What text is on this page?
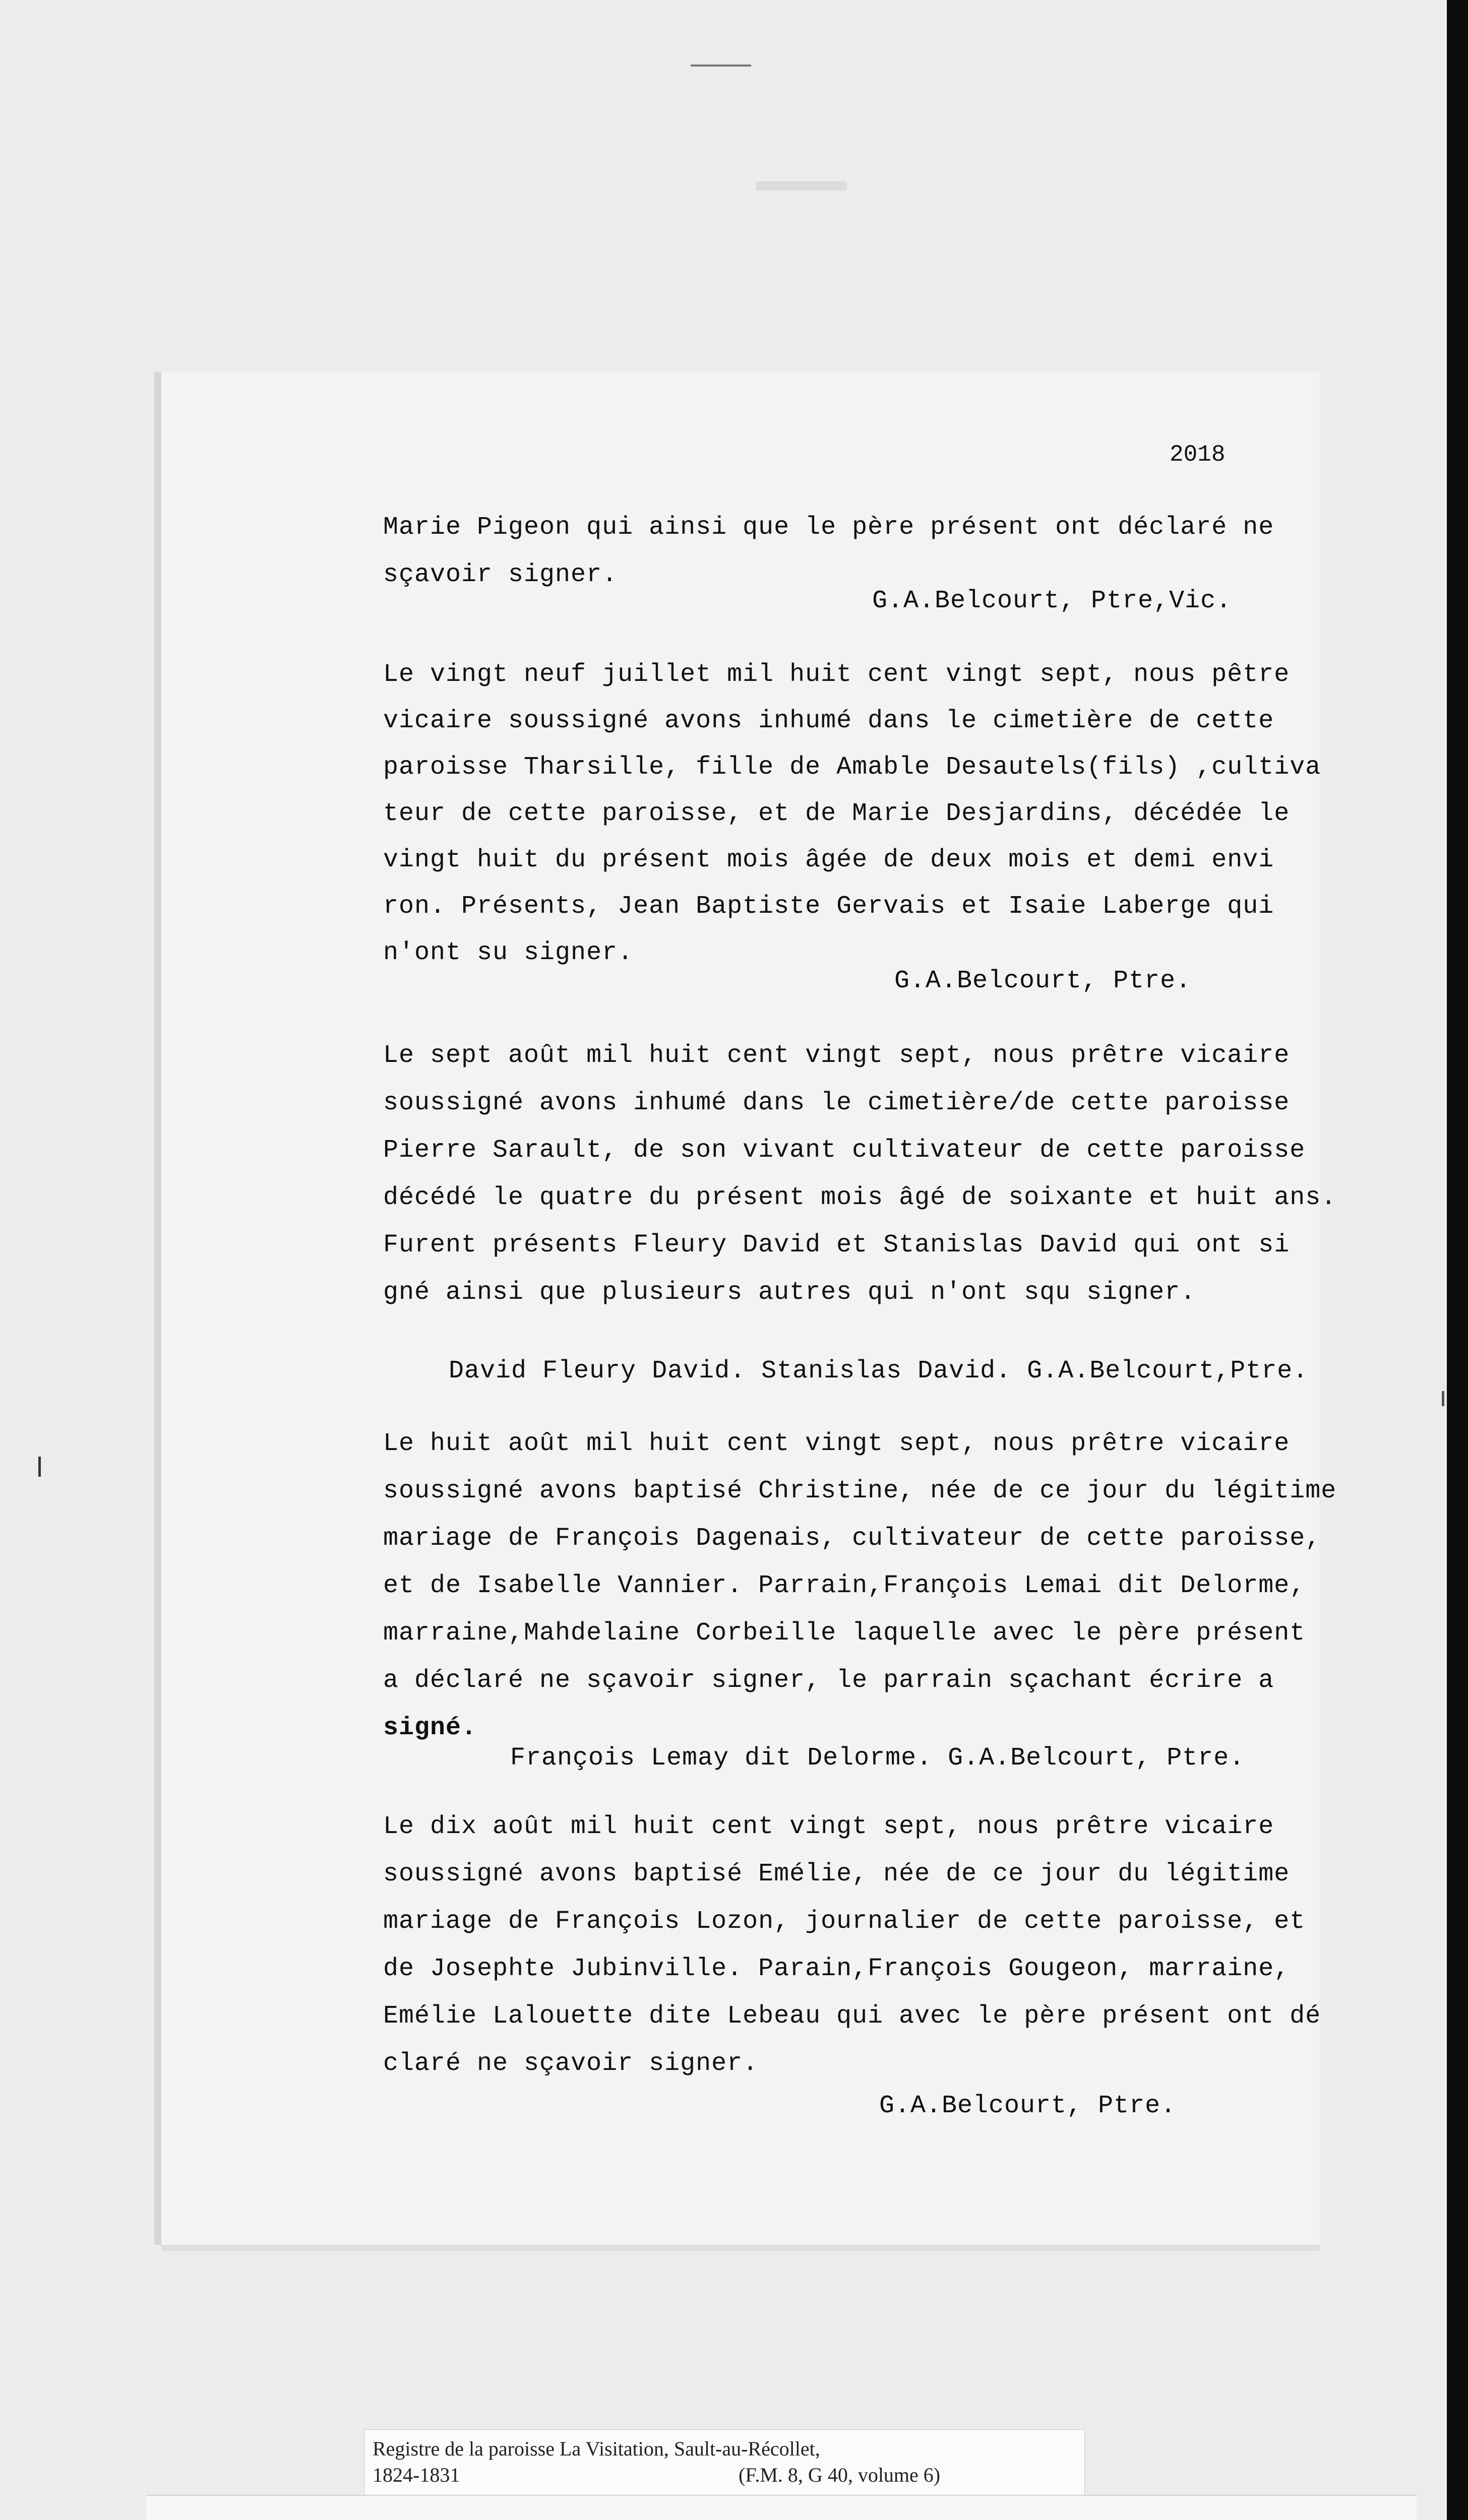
2018
Marie Pigeon qui ainsi que le père présent ont déclaré ne
sçavoir signer.
G.A.Belcourt, Ptre,Vic.
Le vingt neuf juillet mil huit cent vingt sept, nous pêtre
vicaire soussigné avons inhumé dans le cimetière de cette
paroisse Tharsille, fille de Amable Desautels(fils) ,cultiva
teur de cette paroisse, et de Marie Desjardins, décédée le
vingt huit du présent mois âgée de deux mois et demi envi
ron. Présents, Jean Baptiste Gervais et Isaie Laberge qui
n'ont su signer.
G.A.Belcourt, Ptre.
Le sept août mil huit cent vingt sept, nous prêtre vicaire
soussigné avons inhumé dans le cimetière/de cette paroisse
Pierre Sarault, de son vivant cultivateur de cette paroisse
décédé le quatre du présent mois âgé de soixante et huit ans.
Furent présents Fleury David et Stanislas David qui ont si
gné ainsi que plusieurs autres qui n'ont squ signer.
David Fleury David. Stanislas David. G.A.Belcourt,Ptre.
Le huit août mil huit cent vingt sept, nous prêtre vicaire
soussigné avons baptisé Christine, née de ce jour du légitime
mariage de François Dagenais, cultivateur de cette paroisse,
et de Isabelle Vannier. Parrain,François Lemai dit Delorme,
marraine,Mahdelaine Corbeille laquelle avec le père présent
a déclaré ne sçavoir signer, le parrain sçachant écrire a
signé.
François Lemay dit Delorme. G.A.Belcourt, Ptre.
Le dix août mil huit cent vingt sept, nous prêtre vicaire
soussigné avons baptisé Emélie, née de ce jour du légitime
mariage de François Lozon, journalier de cette paroisse, et
de Josephte Jubinville. Parain,François Gougeon, marraine,
Emélie Lalouette dite Lebeau qui avec le père présent ont dé
claré ne sçavoir signer.
G.A.Belcourt, Ptre.
Registre de la paroisse La Visitation, Sault-au-Récollet,
1824-1831	(F.M. 8, G 40, volume 6)
